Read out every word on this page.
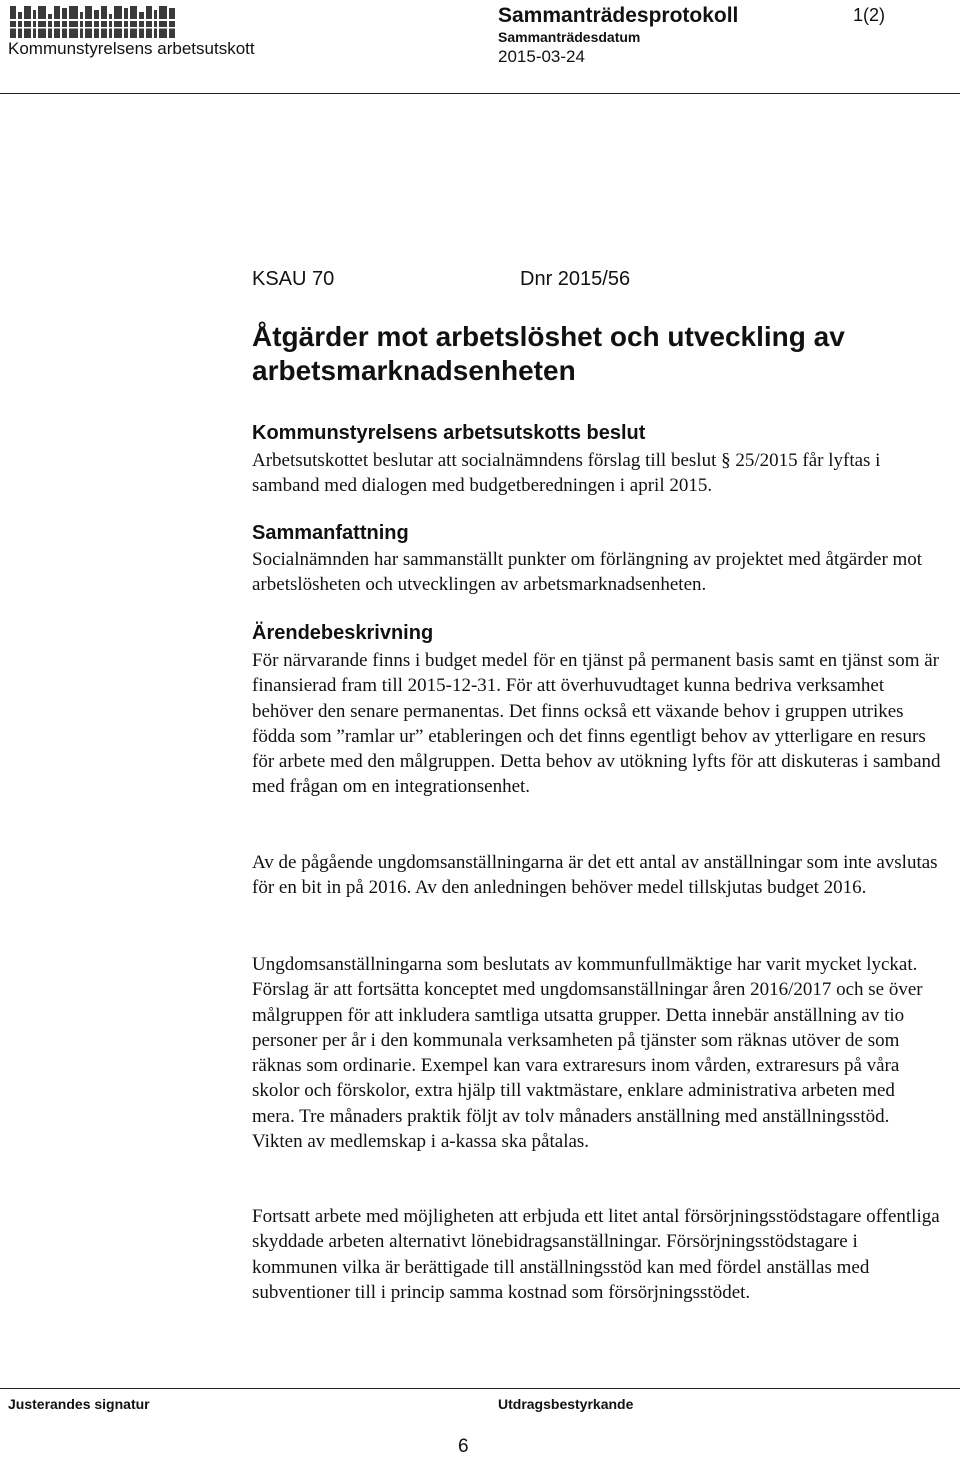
Sammanträdesprotokoll	1(2)
Kommunstyrelsens arbetsutskott
Sammanträdesdatum
2015-03-24
KSAU 70	Dnr 2015/56
Åtgärder mot arbetslöshet och utveckling av arbetsmarknadsenheten
Kommunstyrelsens arbetsutskotts beslut

Arbetsutskottet beslutar att socialnämndens förslag till beslut § 25/2015 får lyftas i samband med dialogen med budgetberedningen i april 2015.

Sammanfattning

Socialnämnden har sammanställt punkter om förlängning av projektet med åtgärder mot arbetslösheten och utvecklingen av arbetsmarknadsenheten.

Ärendebeskrivning

För närvarande finns i budget medel för en tjänst på permanent basis samt en tjänst som är finansierad fram till 2015-12-31. För att överhuvudtaget kunna bedriva verksamhet behöver den senare permanentas. Det finns också ett växande behov i gruppen utrikes födda som ”ramlar ur” etableringen och det finns egentligt behov av ytterligare en resurs för arbete med den målgruppen. Detta behov av utökning lyfts för att diskuteras i samband med frågan om en integrationsenhet.

Av de pågående ungdomsanställningarna är det ett antal av anställningar som inte avslutas för en bit in på 2016. Av den anledningen behöver medel tillskjutas budget 2016.

Ungdomsanställningarna som beslutats av kommunfullmäktige har varit mycket lyckat. Förslag är att fortsätta konceptet med ungdomsanställningar åren 2016/2017 och se över målgruppen för att inkludera samtliga utsatta grupper. Detta innebär anställning av tio personer per år i den kommunala verksamheten på tjänster som räknas utöver de som räknas som ordinarie. Exempel kan vara extraresurs inom vården, extraresurs på våra skolor och förskolor, extra hjälp till vaktmästare, enklare administrativa arbeten med mera. Tre månaders praktik följt av tolv månaders anställning med anställningsstöd. Vikten av medlemskap i a-kassa ska påtalas.

Fortsatt arbete med möjligheten att erbjuda ett litet antal försörjningsstödstagare offentliga skyddade arbeten alternativt lönebidragsanställningar. Försörjningsstödstagare i kommunen vilka är berättigade till anställningsstöd kan med fördel anställas med subventioner till i princip samma kostnad som försörjningsstödet.

Justerandes signatur	Utdragsbestyrkande
6
